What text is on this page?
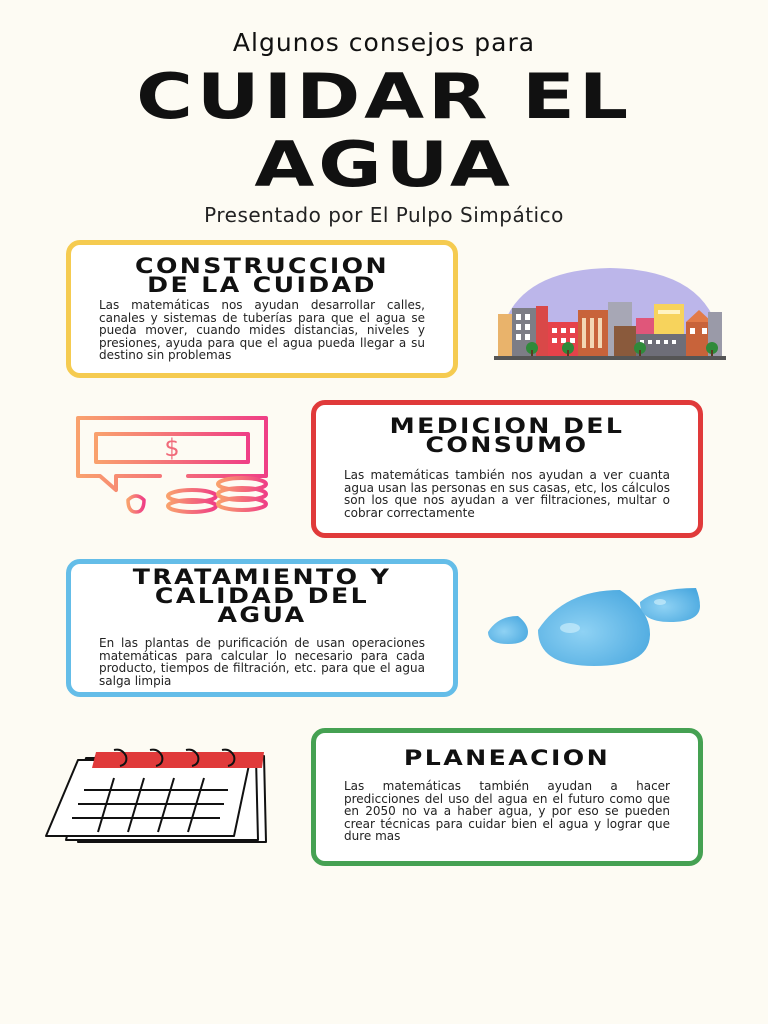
Algunos consejos para

CUIDAR EL
AGUA

Presentado por El Pulpo Simpático

CONSTRUCCION
DE LA CUIDAD

Las matemáticas nos ayudan desarrollar calles, canales y sistemas de tuberías para que el agua se pueda mover, cuando mides distancias, niveles y presiones, ayuda para que el agua pueda llegar a su destino sin problemas

MEDICION DEL
CONSUMO

Las matemáticas también nos ayudan a ver cuanta agua usan las personas en sus casas, etc, los cálculos son los que nos ayudan a ver filtraciones, multar o cobrar correctamente

TRATAMIENTO Y
CALIDAD DEL
AGUA

En las plantas de purificación de usan operaciones matemáticas para calcular lo necesario para cada producto, tiempos de filtración, etc. para que el agua salga limpia

PLANEACION

Las matemáticas también ayudan a hacer predicciones del uso del agua en el futuro como que en 2050 no va a haber agua, y por eso se pueden crear técnicas para cuidar bien el agua y lograr que dure mas

$
